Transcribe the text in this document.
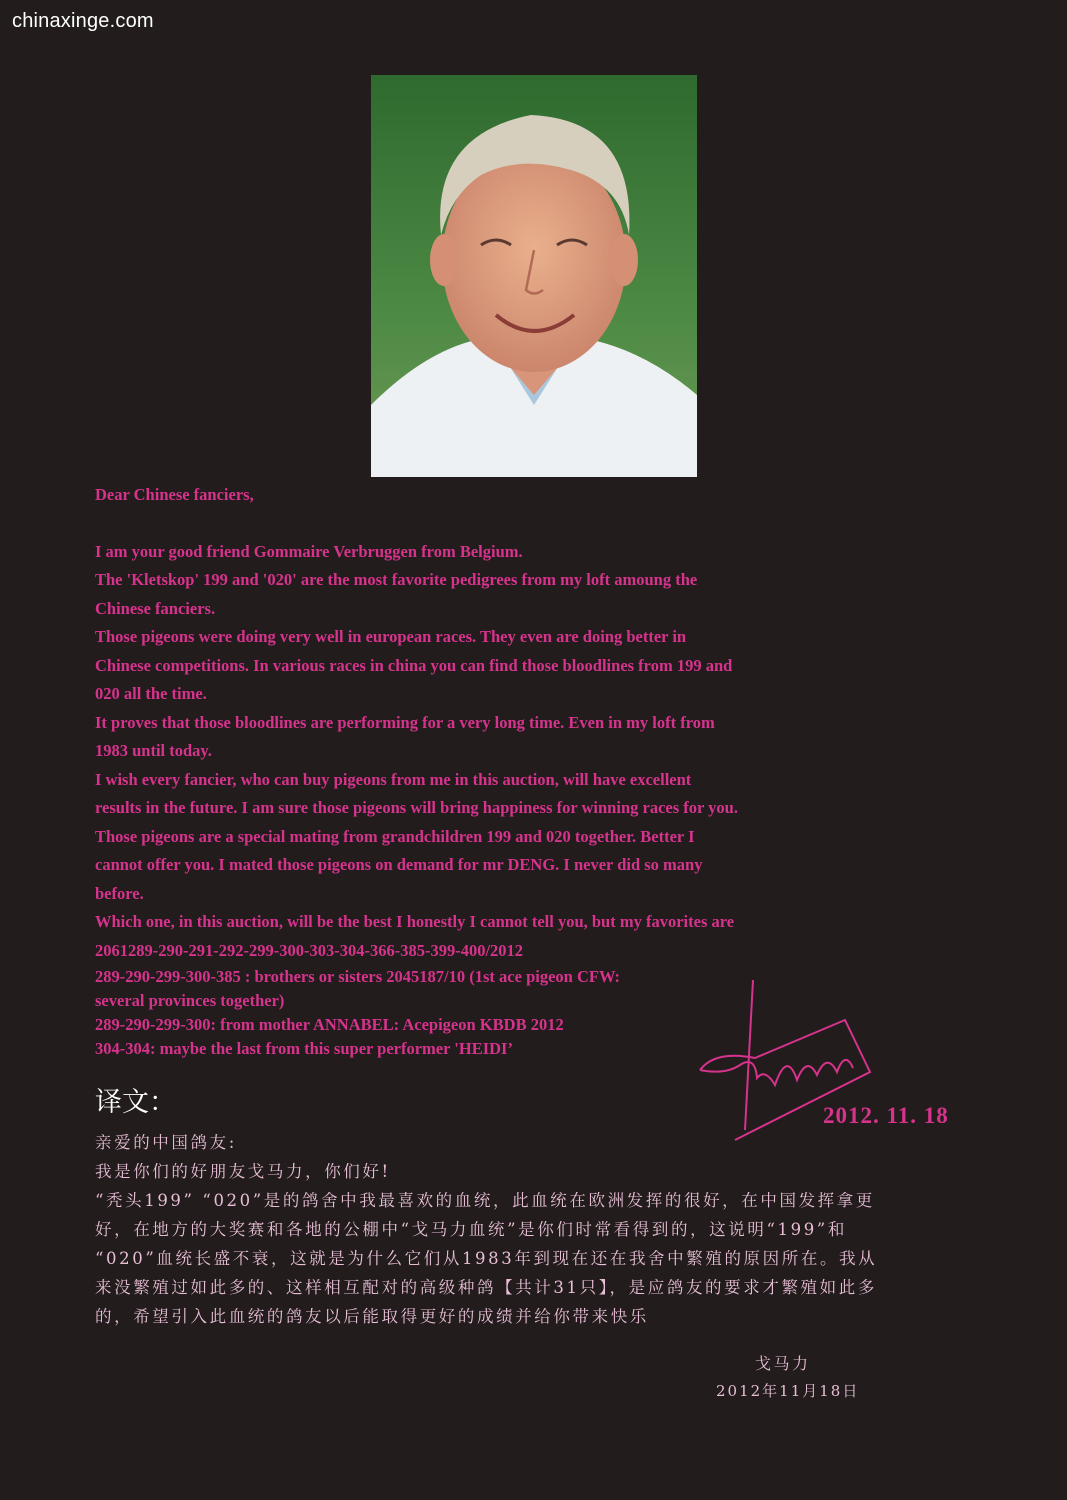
chinaxinge.com

Dear Chinese fanciers,

I am your good friend Gommaire Verbruggen from Belgium.

The 'Kletskop' 199 and '020' are the most favorite pedigrees from my loft amoung the

Chinese fanciers.

Those pigeons were doing very well in european races. They even are doing better in

Chinese competitions. In various races in china you can find those bloodlines from 199 and

020 all the time.

It proves that those bloodlines are performing for a very long time. Even in my loft from

1983 until today.

I wish every fancier, who can buy pigeons from me in this auction, will have excellent

results in the future. I am sure those pigeons will bring happiness for winning races for you.

Those pigeons are a special mating from grandchildren 199 and 020 together. Better I

cannot offer you. I mated those pigeons on demand for mr DENG. I never did so many

before.

Which one, in this auction, will be the best I honestly I cannot tell you, but my favorites are

2061289-290-291-292-299-300-303-304-366-385-399-400/2012

289-290-299-300-385 : brothers or sisters 2045187/10 (1st ace pigeon CFW:

several provinces together)

289-290-299-300: from mother ANNABEL: Acepigeon KBDB 2012

304-304: maybe the last from this super performer 'HEIDI’

2012. 11. 18
译文：

亲爱的中国鸽友:

我是你们的好朋友戈马力，你们好!

“秃头199” “020”是的鸽舍中我最喜欢的血统，此血统在欧洲发挥的很好，在中国发挥拿更

好，在地方的大奖赛和各地的公棚中“戈马力血统”是你们时常看得到的，这说明“199”和

“020”血统长盛不衰，这就是为什么它们从1983年到现在还在我舍中繁殖的原因所在。我从

来没繁殖过如此多的、这样相互配对的高级种鸽【共计31只】，是应鸽友的要求才繁殖如此多

的，希望引入此血统的鸽友以后能取得更好的成绩并给你带来快乐

戈马力
2012年11月18日
